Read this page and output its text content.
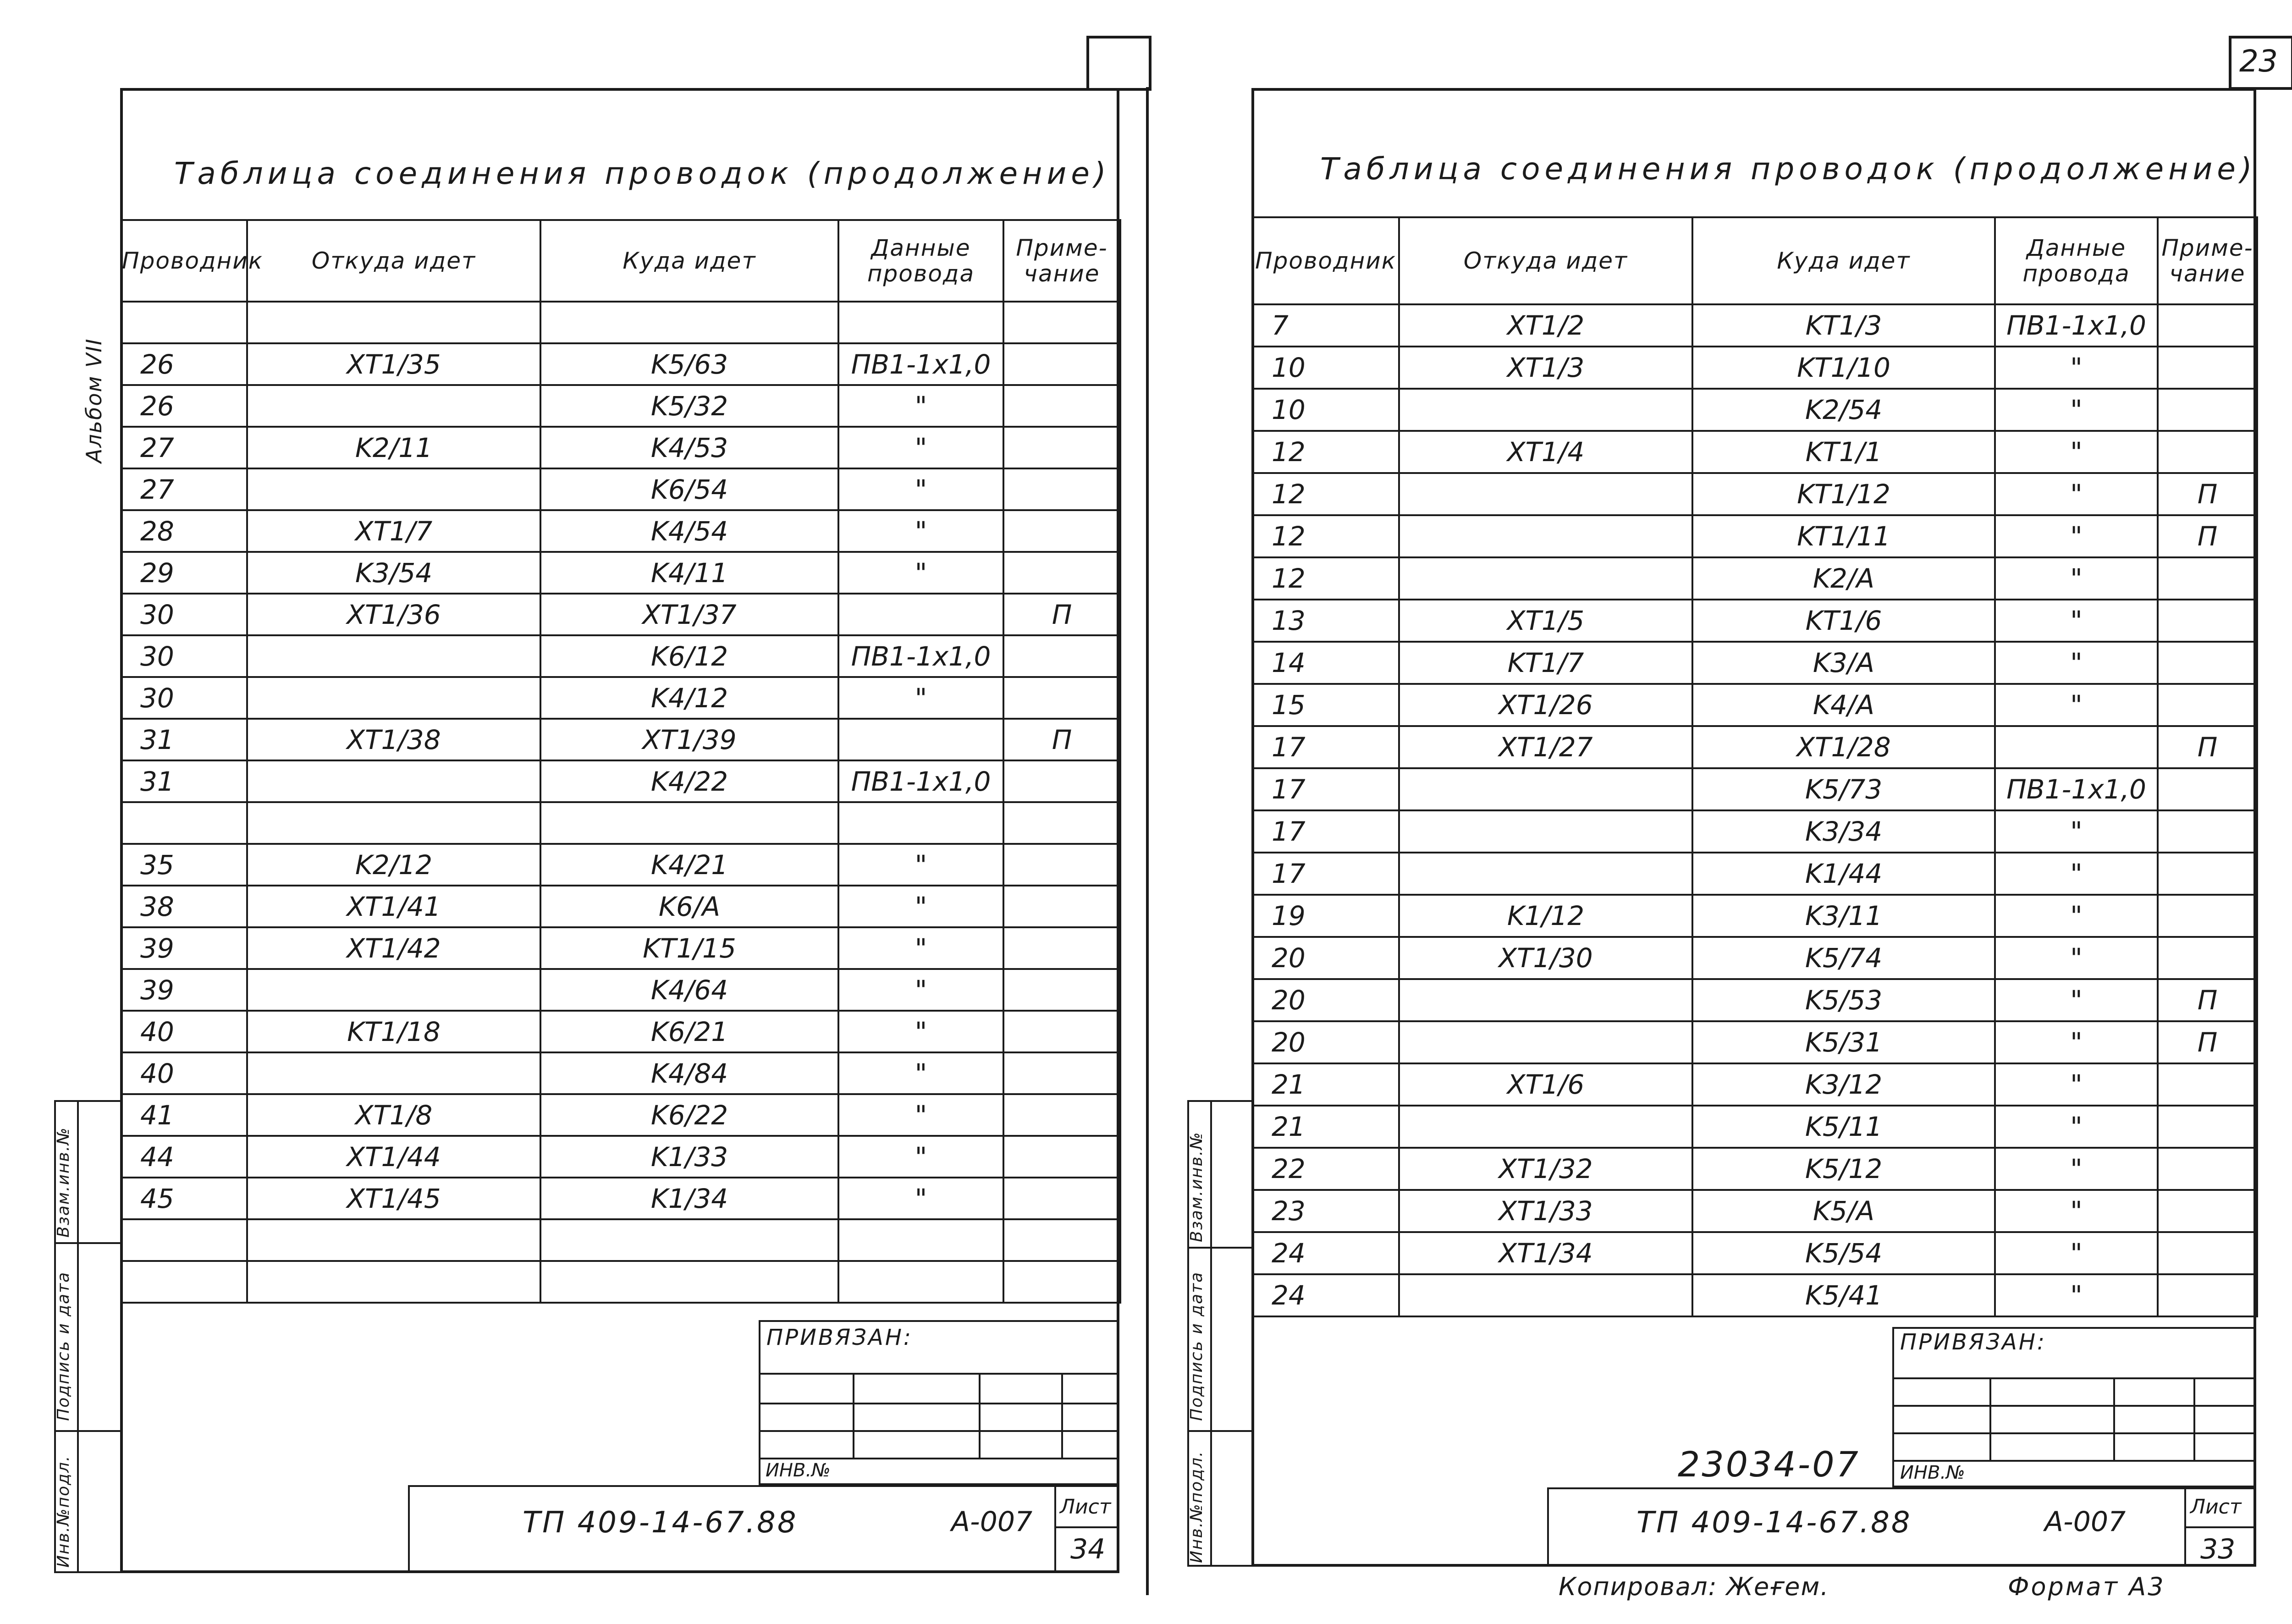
Альбом VII
Таблица соединения проводок (продолжение)
Проводник	Откуда идет	Куда идет	Данные провода	Приме-чание

26	XT1/35	K5/63	ПВ1-1x1,0	
26		K5/32	"	
27	K2/11	K4/53	"	
27		K6/54	"	
28	XT1/7	K4/54	"	
29	K3/54	K4/11	"	
30	XT1/36	XT1/37		П
30		K6/12	ПВ1-1x1,0	
30		K4/12	"	
31	XT1/38	XT1/39		П
31		K4/22	ПВ1-1x1,0	

35	K2/12	K4/21	"	
38	XT1/41	K6/A	"	
39	XT1/42	KT1/15	"	
39		K4/64	"	
40	KT1/18	K6/21	"	
40		K4/84	"	
41	XT1/8	K6/22	"	
44	XT1/44	K1/33	"	
45	XT1/45	K1/34	"	

Инв.№подл.
Подпись и дата
Взам.инв.№
ПРИВЯЗАН:
ИНВ.№
ТП 409-14-67.88	А-007 Лист
34
23
Таблица соединения проводок (продолжение)
Проводник	Откуда идет	Куда идет	Данные провода	Приме-чание
7	XT1/2	KT1/3	ПВ1-1x1,0	
10	XT1/3	KT1/10	"	
10		K2/54	"	
12	XT1/4	KT1/1	"	
12		KT1/12	"	П
12		KT1/11	"	П
12		K2/A	"	
13	XT1/5	KT1/6	"	
14	KT1/7	K3/A	"	
15	XT1/26	K4/A	"	
17	XT1/27	XT1/28		П
17		K5/73	ПВ1-1x1,0	
17		K3/34	"	
17		K1/44	"	
19	K1/12	K3/11	"	
20	XT1/30	K5/74	"	
20		K5/53	"	П
20		K5/31	"	П
21	XT1/6	K3/12	"	
21		K5/11	"	
22	XT1/32	K5/12	"	
23	XT1/33	K5/A	"	
24	XT1/34	K5/54	"	
24		K5/41	"	
Инв.№подл.
Подпись и дата
Взам.инв.№
ПРИВЯЗАН:
ИНВ.№
23034-07
ТП 409-14-67.88	А-007	Лист
33
Копировал: Жеғем.	Формат А3
